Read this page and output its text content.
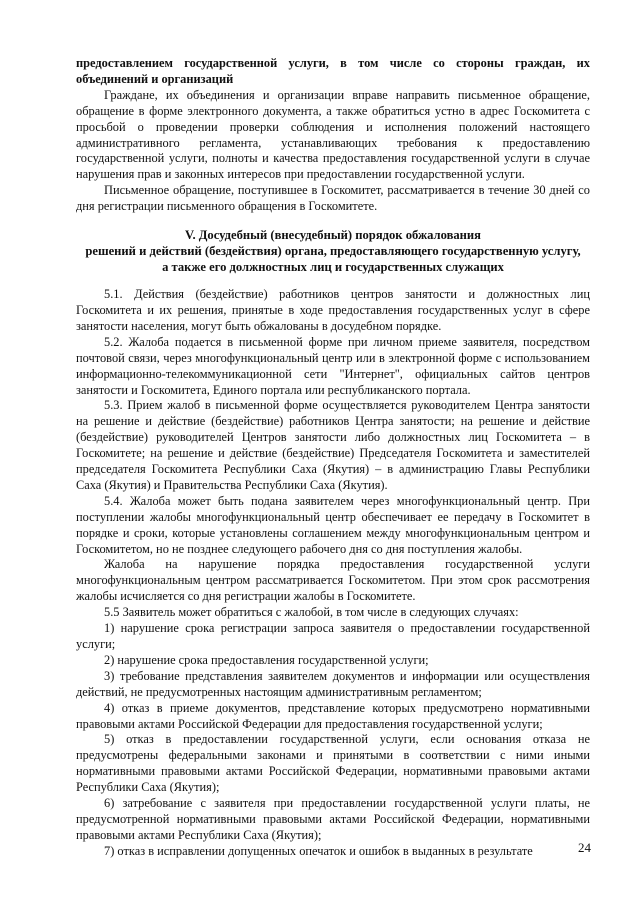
предоставлением государственной услуги, в том числе со стороны граждан, их объединений и организаций

Граждане, их объединения и организации вправе направить письменное обращение, обращение в форме электронного документа, а также обратиться устно в адрес Госкомитета с просьбой о проведении проверки соблюдения и исполнения положений настоящего административного регламента, устанавливающих требования к предоставлению государственной услуги, полноты и качества предоставления государственной услуги в случае нарушения прав и законных интересов при предоставлении государственной услуги.

Письменное обращение, поступившее в Госкомитет, рассматривается в течение 30 дней со дня регистрации письменного обращения в Госкомитете.

V. Досудебный (внесудебный) порядок обжалования
решений и действий (бездействия) органа, предоставляющего государственную услугу,
а также его должностных лиц и государственных служащих

5.1. Действия (бездействие) работников центров занятости и должностных лиц Госкомитета и их решения, принятые в ходе предоставления государственных услуг в сфере занятости населения, могут быть обжалованы в досудебном порядке.

5.2. Жалоба подается в письменной форме при личном приеме заявителя, посредством почтовой связи, через многофункциональный центр или в электронной форме с использованием информационно-телекоммуникационной сети "Интернет", официальных сайтов центров занятости и Госкомитета, Единого портала или республиканского портала.

5.3. Прием жалоб в письменной форме осуществляется руководителем Центра занятости на решение и действие (бездействие) работников Центра занятости; на решение и действие (бездействие) руководителей Центров занятости либо должностных лиц Госкомитета – в Госкомитете; на решение и действие (бездействие) Председателя Госкомитета и заместителей председателя Госкомитета Республики Саха (Якутия) – в администрацию Главы Республики Саха (Якутия) и Правительства Республики Саха (Якутия).

5.4. Жалоба может быть подана заявителем через многофункциональный центр. При поступлении жалобы многофункциональный центр обеспечивает ее передачу в Госкомитет в порядке и сроки, которые установлены соглашением между многофункциональным центром и Госкомитетом, но не позднее следующего рабочего дня со дня поступления жалобы.

Жалоба на нарушение порядка предоставления государственной услуги многофункциональным центром рассматривается Госкомитетом. При этом срок рассмотрения жалобы исчисляется со дня регистрации жалобы в Госкомитете.

5.5 Заявитель может обратиться с жалобой, в том числе в следующих случаях:

1) нарушение срока регистрации запроса заявителя о предоставлении государственной услуги;

2) нарушение срока предоставления государственной услуги;

3) требование представления заявителем документов и информации или осуществления действий, не предусмотренных настоящим административным регламентом;

4) отказ в приеме документов, представление которых предусмотрено нормативными правовыми актами Российской Федерации для предоставления государственной услуги;

5) отказ в предоставлении государственной услуги, если основания отказа не предусмотрены федеральными законами и принятыми в соответствии с ними иными нормативными правовыми актами Российской Федерации, нормативными правовыми актами Республики Саха (Якутия);

6) затребование с заявителя при предоставлении государственной услуги платы, не предусмотренной нормативными правовыми актами Российской Федерации, нормативными правовыми актами Республики Саха (Якутия);

7) отказ в исправлении допущенных опечаток и ошибок в выданных в результате	24
